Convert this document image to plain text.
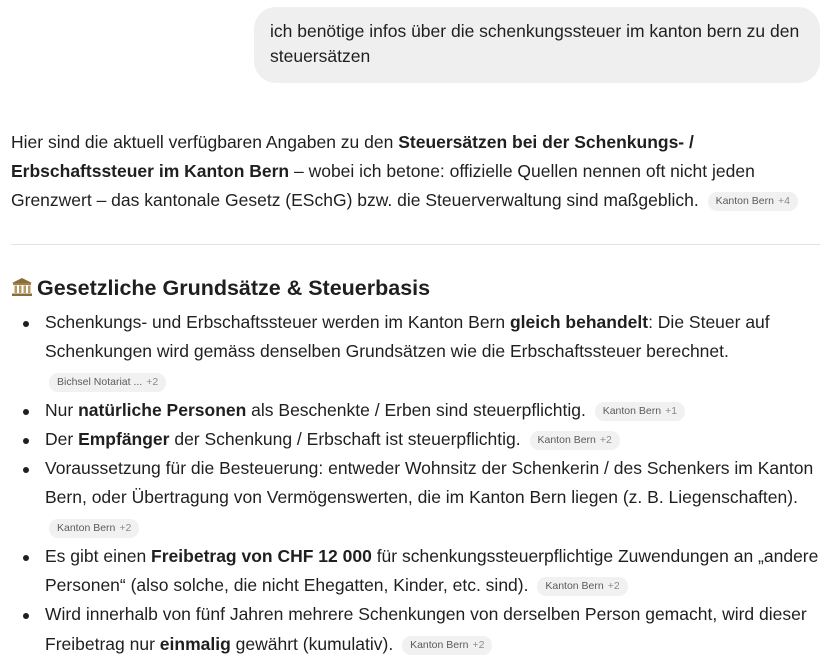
ich benötige infos über die schenkungssteuer im kanton bern zu den steuersätzen
Hier sind die aktuell verfügbaren Angaben zu den Steuersätzen bei der Schenkungs- / Erbschaftssteuer im Kanton Bern – wobei ich betone: offizielle Quellen nennen oft nicht jeden Grenzwert – das kantonale Gesetz (ESchG) bzw. die Steuerverwaltung sind maßgeblich. Kanton Bern +4
Gesetzliche Grundsätze & Steuerbasis
Schenkungs- und Erbschaftssteuer werden im Kanton Bern gleich behandelt: Die Steuer auf Schenkungen wird gemäss denselben Grundsätzen wie die Erbschaftssteuer berechnet.
Bichsel Notariat ... +2
Nur natürliche Personen als Beschenkte / Erben sind steuerpflichtig. Kanton Bern +1
Der Empfänger der Schenkung / Erbschaft ist steuerpflichtig. Kanton Bern +2
Voraussetzung für die Besteuerung: entweder Wohnsitz der Schenkerin / des Schenkers im Kanton Bern, oder Übertragung von Vermögenswerten, die im Kanton Bern liegen (z. B. Liegenschaften).
Kanton Bern +2
Es gibt einen Freibetrag von CHF 12 000 für schenkungssteuerpflichtige Zuwendungen an „andere Personen“ (also solche, die nicht Ehegatten, Kinder, etc. sind). Kanton Bern +2
Wird innerhalb von fünf Jahren mehrere Schenkungen von derselben Person gemacht, wird dieser Freibetrag nur einmalig gewährt (kumulativ). Kanton Bern +2
